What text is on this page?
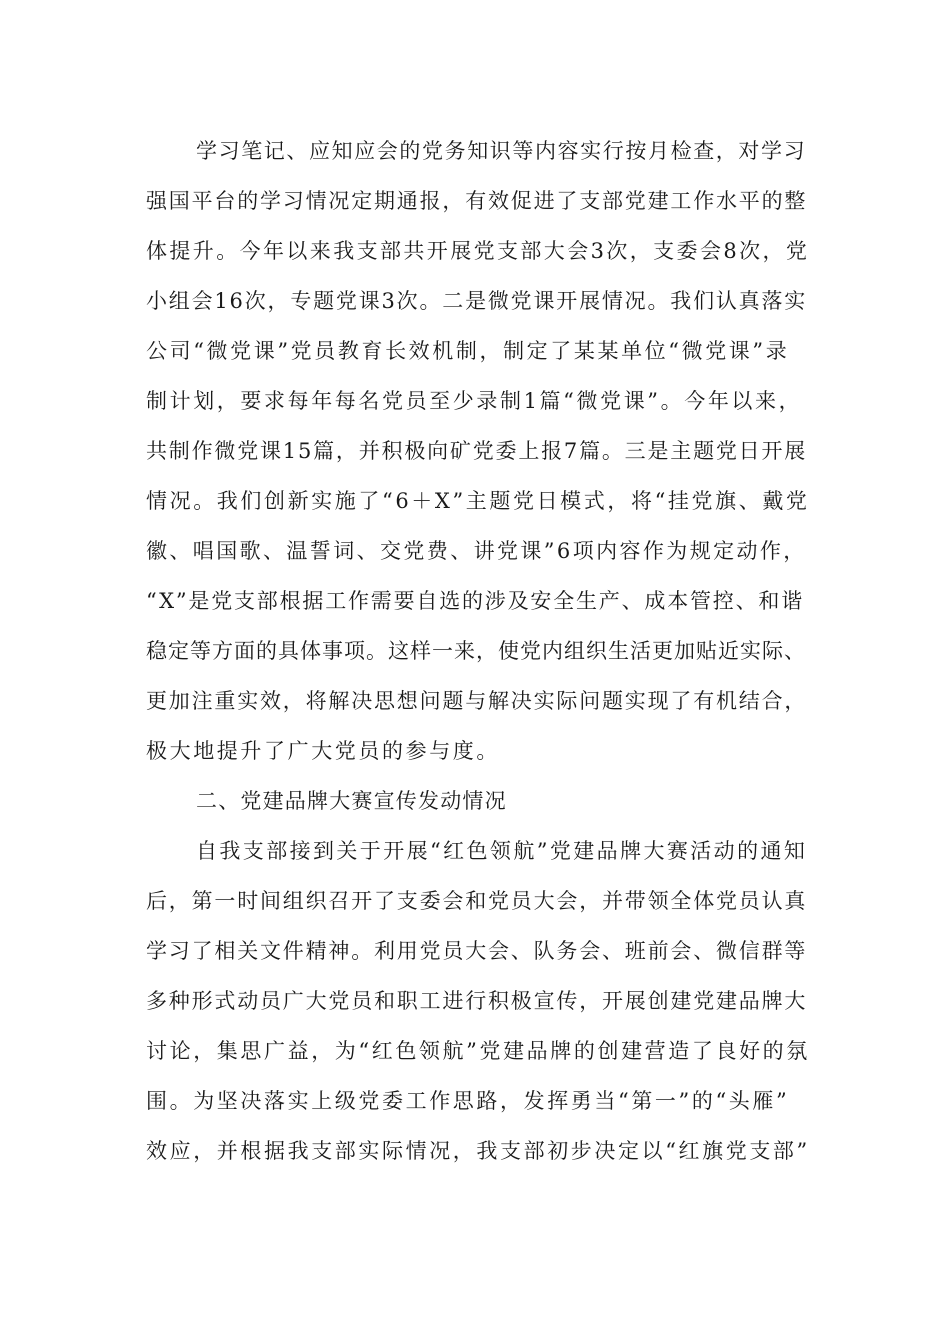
学习笔记、应知应会的党务知识等内容实行按月检查，对学习
强国平台的学习情况定期通报，有效促进了支部党建工作水平的整
体提升。今年以来我支部共开展党支部大会3次，支委会8次，党
小组会16次，专题党课3次。二是微党课开展情况。我们认真落实
公司“微党课”党员教育长效机制，制定了某某单位“微党课”录
制计划，要求每年每名党员至少录制1篇“微党课”。今年以来，
共制作微党课15篇，并积极向矿党委上报7篇。三是主题党日开展
情况。我们创新实施了“6＋X”主题党日模式，将“挂党旗、戴党
徽、唱国歌、温誓词、交党费、讲党课”6项内容作为规定动作，
“X”是党支部根据工作需要自选的涉及安全生产、成本管控、和谐
稳定等方面的具体事项。这样一来，使党内组织生活更加贴近实际、
更加注重实效，将解决思想问题与解决实际问题实现了有机结合，
极大地提升了广大党员的参与度。
二、党建品牌大赛宣传发动情况
自我支部接到关于开展“红色领航”党建品牌大赛活动的通知
后，第一时间组织召开了支委会和党员大会，并带领全体党员认真
学习了相关文件精神。利用党员大会、队务会、班前会、微信群等
多种形式动员广大党员和职工进行积极宣传，开展创建党建品牌大
讨论，集思广益，为“红色领航”党建品牌的创建营造了良好的氛
围。为坚决落实上级党委工作思路，发挥勇当“第一”的“头雁”
效应，并根据我支部实际情况，我支部初步决定以“红旗党支部”
